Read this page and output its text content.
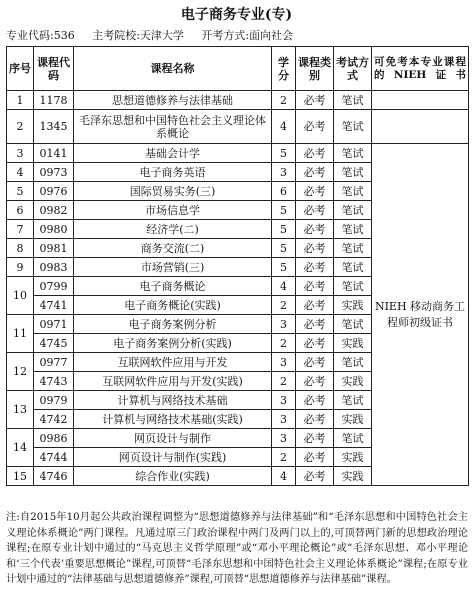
电子商务专业(专)
专业代码:536 主考院校:天津大学 开考方式:面向社会
序号	课程代码	课程名称	学分	课程类别	考试方式	可免考本专业课程的NIEH证书
1	1178	思想道德修养与法律基础	2	必考	笔试	
2	1345	毛泽东思想和中国特色社会主义理论体系概论	4	必考	笔试	
3	0141	基础会计学	5	必考	笔试	NIEH 移动商务工程师初级证书
4	0973	电子商务英语	3	必考	笔试	
5	0976	国际贸易实务(三)	6	必考	笔试	
6	0982	市场信息学	5	必考	笔试	
7	0980	经济学(二)	5	必考	笔试	
8	0981	商务交流(二)	5	必考	笔试	
9	0983	市场营销(三)	5	必考	笔试	
10	0799	电子商务概论	4	必考	笔试	
	4741	电子商务概论(实践)	2	必考	实践	
11	0971	电子商务案例分析	3	必考	笔试	
	4745	电子商务案例分析(实践)	2	必考	实践	
12	0977	互联网软件应用与开发	3	必考	笔试	
	4743	互联网软件应用与开发(实践)	2	必考	实践	
13	0979	计算机与网络技术基础	3	必考	笔试	
	4742	计算机与网络技术基础(实践)	3	必考	实践	
14	0986	网页设计与制作	3	必考	笔试	
	4744	网页设计与制作(实践)	2	必考	实践	
15	4746	综合作业(实践)	4	必考	实践	
注:自2015年10月起公共政治课程调整为“思想道德修养与法律基础”和“毛泽东思想和中国特色社会主义理论体系概论”两门课程。凡通过原三门政治课程中两门及两门以上的,可顶替两门新的思想政治理论课程;在原专业计划中通过的“马克思主义哲学原理”或“邓小平理论概论”或“毛泽东思想、邓小平理论和‘三个代表’重要思想概论”课程,可顶替“毛泽东思想和中国特色社会主义理论体系概论”课程;在原专业计划中通过的“法律基础与思想道德修养”课程,可顶替“思想道德修养与法律基础”课程。
